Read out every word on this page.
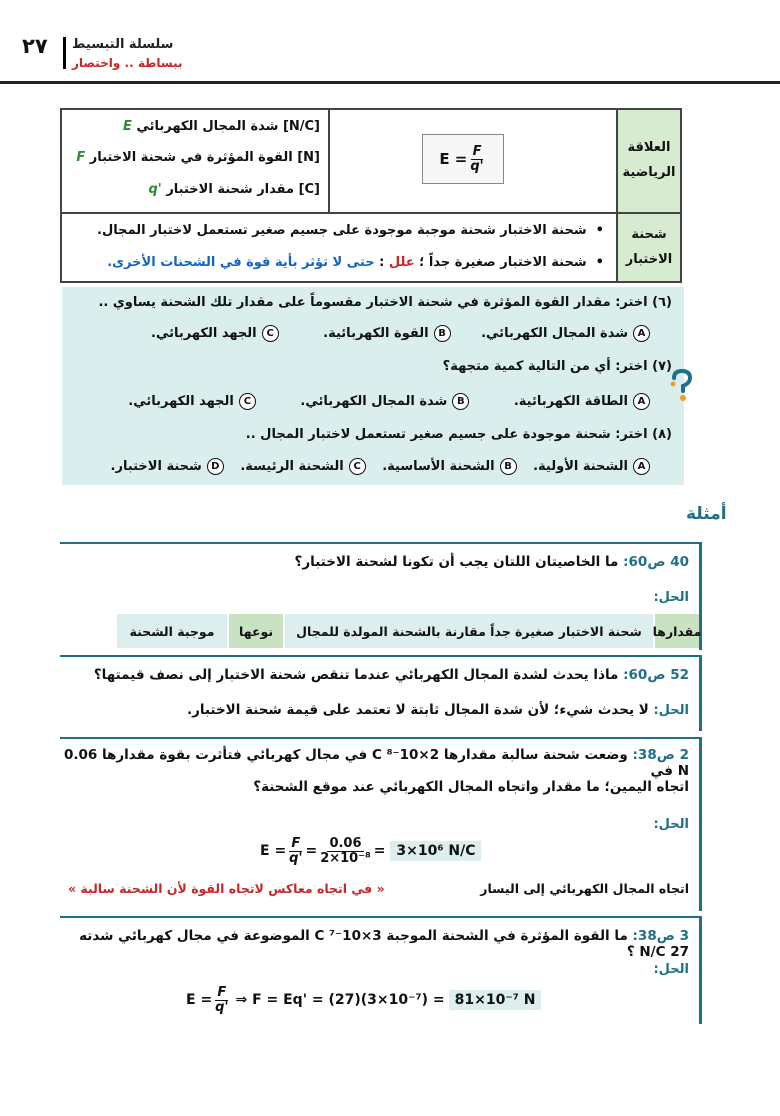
٢٧ سلسلة التبسيط
ببساطة .. واختصار
العلاقة الرياضية
شحنة الاختبار
$E = \frac{F}{q'}$
E شدة المجال الكهربائي [N/C]
F القوة المؤثرة في شحنة الاختبار [N]
q' مقدار شحنة الاختبار [C]
•  شحنة الاختبار شحنة موجبة موجودة على جسيم صغير تستعمل لاختبار المجال.
•  شحنة الاختبار صغيرة جداً ؛ علل : حتى لا تؤثر بأية قوة في الشحنات الأخرى.
(٦) اختر: مقدار القوة المؤثرة في شحنة الاختبار مقسوماً على مقدار تلك الشحنة يساوي ..
Aشدة المجال الكهربائي. Bالقوة الكهربائية. Cالجهد الكهربائي.
(٧) اختر: أي من التالية كمية متجهة؟
Aالطاقة الكهربائية. Bشدة المجال الكهربائي. Cالجهد الكهربائي.
(٨) اختر: شحنة موجودة على جسيم صغير تستعمل لاختبار المجال ..
Aالشحنة الأولية. Bالشحنة الأساسية. Cالشحنة الرئيسة. Dشحنة الاختبار.
أمثلة
40 ص60: ما الخاصيتان اللتان يجب أن تكونا لشحنة الاختبار؟
الحل:
مقدارها
شحنة الاختبار صغيرة جداً مقارنة بالشحنة المولدة للمجال
نوعها
موجبة الشحنة
52 ص60: ماذا يحدث لشدة المجال الكهربائي عندما تنقص شحنة الاختبار إلى نصف قيمتها؟
الحل: لا يحدث شيء؛ لأن شدة المجال ثابتة لا تعتمد على قيمة شحنة الاختبار.
2 ص38: وضعت شحنة سالبة مقدارها 2×10⁻⁸ C في مجال كهربائي فتأثرت بقوة مقدارها 0.06 N في
اتجاه اليمين؛ ما مقدار واتجاه المجال الكهربائي عند موقع الشحنة؟
الحل:
$E = \frac{F}{q'} = \frac{0.06}{\text{2×10⁻⁸}} = 3\times 10^6$ N/C
اتجاه المجال الكهربائي إلى اليسار
« في اتجاه معاكس لاتجاه القوة لأن الشحنة سالبة »
3 ص38: ما القوة المؤثرة في الشحنة الموجبة 3×10⁻⁷ C الموضوعة في مجال كهربائي شدته 27 N/C ؟
الحل:
$E = \frac{F}{q'}$ ⇒ F = Eq' = (27)(3×10⁻⁷) = 81×10⁻⁷ N
